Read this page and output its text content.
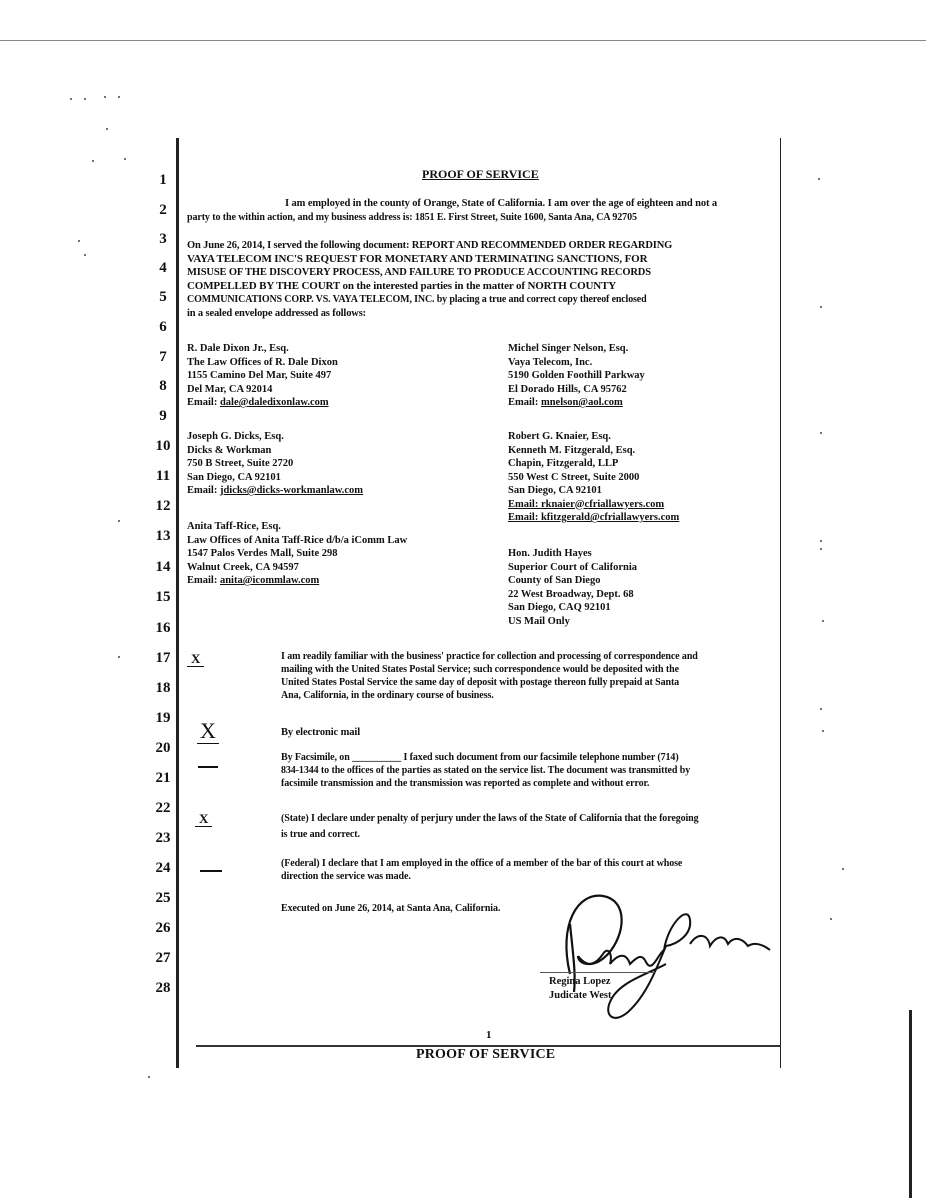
1
2
3
4
5
6
7
8
9
10
11
12
13
14
15
16
17
18
19
20
21
22
23
24
25
26
27
28
PROOF OF SERVICE
I am employed in the county of Orange, State of California. I am over the age of eighteen and not a
party to the within action, and my business address is: 1851 E. First Street, Suite 1600, Santa Ana, CA 92705
On June 26, 2014, I served the following document: REPORT AND RECOMMENDED ORDER REGARDING
VAYA TELECOM INC'S REQUEST FOR MONETARY AND TERMINATING SANCTIONS, FOR
MISUSE OF THE DISCOVERY PROCESS, AND FAILURE TO PRODUCE ACCOUNTING RECORDS
COMPELLED BY THE COURT on the interested parties in the matter of NORTH COUNTY
COMMUNICATIONS CORP. VS. VAYA TELECOM, INC. by placing a true and correct copy thereof enclosed
in a sealed envelope addressed as follows:
R. Dale Dixon Jr., Esq.
The Law Offices of R. Dale Dixon
1155 Camino Del Mar, Suite 497
Del Mar, CA 92014
Email: dale@daledixonlaw.com
Joseph G. Dicks, Esq.
Dicks & Workman
750 B Street, Suite 2720
San Diego, CA 92101
Email: jdicks@dicks-workmanlaw.com
Anita Taff-Rice, Esq.
Law Offices of Anita Taff-Rice d/b/a iComm Law
1547 Palos Verdes Mall, Suite 298
Walnut Creek, CA 94597
Email: anita@icommlaw.com
Michel Singer Nelson, Esq.
Vaya Telecom, Inc.
5190 Golden Foothill Parkway
El Dorado Hills, CA 95762
Email: mnelson@aol.com
Robert G. Knaier, Esq.
Kenneth M. Fitzgerald, Esq.
Chapin, Fitzgerald, LLP
550 West C Street, Suite 2000
San Diego, CA 92101
Email: rknaier@cfriallawyers.com
Email: kfitzgerald@cfriallawyers.com
Hon. Judith Hayes
Superior Court of California
County of San Diego
22 West Broadway, Dept. 68
San Diego, CAQ 92101
US Mail Only
X	I am readily familiar with the business' practice for collection and processing of correspondence and
mailing with the United States Postal Service; such correspondence would be deposited with the
United States Postal Service the same day of deposit with postage thereon fully prepaid at Santa
Ana, California, in the ordinary course of business.
X	By electronic mail
By Facsimile, on __________ I faxed such document from our facsimile telephone number (714)
834-1344 to the offices of the parties as stated on the service list. The document was transmitted by
facsimile transmission and the transmission was reported as complete and without error.
X	(State) I declare under penalty of perjury under the laws of the State of California that the foregoing
is true and correct.
(Federal) I declare that I am employed in the office of a member of the bar of this court at whose
direction the service was made.
Executed on June 26, 2014, at Santa Ana, California.
Regina Lopez
Judicate West
1
PROOF OF SERVICE
